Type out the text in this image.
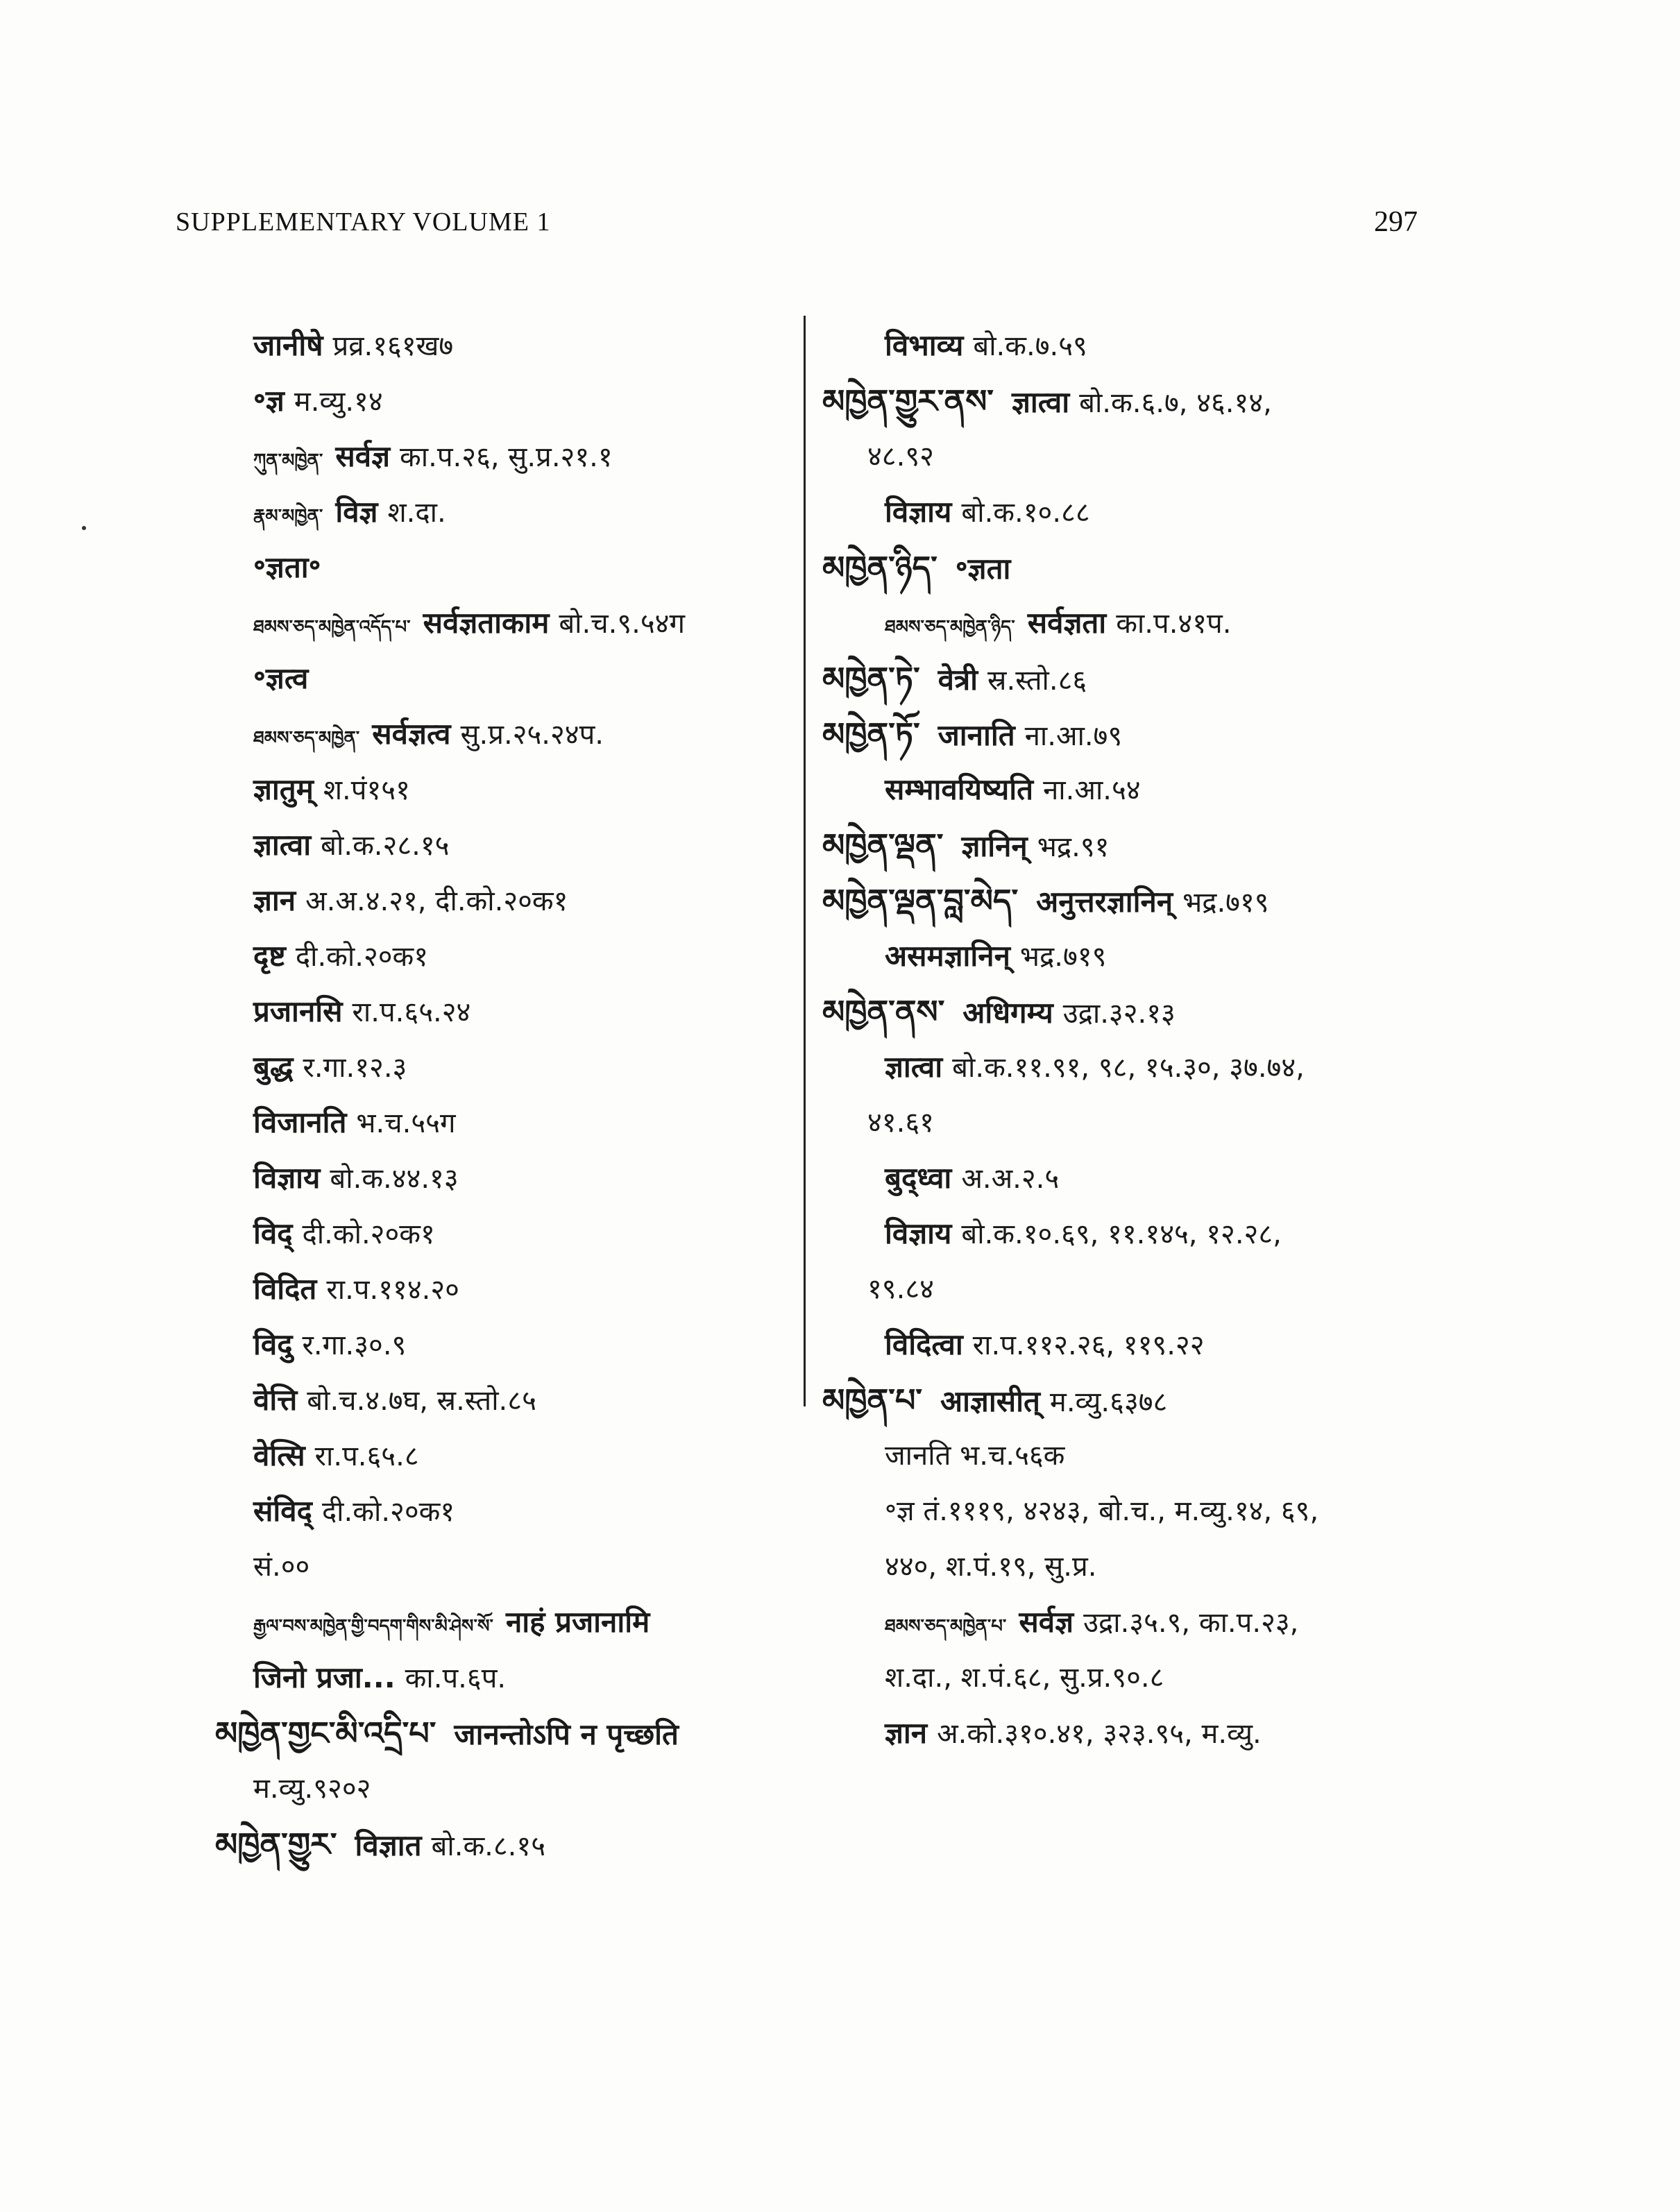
SUPPLEMENTARY VOLUME 1	297
जानीषे प्रव्र.१६१ख७
॰ज्ञ म.व्यु.१४
ཀུན་མཁྱེན་ सर्वज्ञ का.प.२६, सु.प्र.२१.१
རྣམ་མཁྱེན་ विज्ञ श.दा.
॰ज्ञता॰
ཐམས་ཅད་མཁྱེན་འདོད་པ་ सर्वज्ञताकाम बो.च.९.५४ग
॰ज्ञत्व
ཐམས་ཅད་མཁྱེན་ सर्वज्ञत्व सु.प्र.२५.२४प.
ज्ञातुम् श.पं१५१
ज्ञात्वा बो.क.२८.१५
ज्ञान अ.अ.४.२१, दी.को.२०क१
दृष्ट दी.को.२०क१
प्रजानसि रा.प.६५.२४
बुद्ध र.गा.१२.३
विजानति भ.च.५५ग
विज्ञाय बो.क.४४.१३
विद् दी.को.२०क१
विदित रा.प.११४.२०
विदु र.गा.३०.९
वेत्ति बो.च.४.७घ, स्र.स्तो.८५
वेत्सि रा.प.६५.८
संविद् दी.को.२०क१
सं.००
རྒྱལ་བས་མཁྱེན་གྱི་བདག་གིས་མི་ཤེས་སོ་ नाहं प्रजानामि
जिनो प्रजा... का.प.६प.
མཁྱེན་གྱང་མི་འདྲི་པ་ जानन्तोऽपि न पृच्छति
म.व्यु.९२०२
མཁྱེན་གྱུར་ विज्ञात बो.क.८.१५
विभाव्य बो.क.७.५९
མཁྱེན་གྱུར་ནས་ ज्ञात्वा बो.क.६.७, ४६.१४,
४८.९२
विज्ञाय बो.क.१०.८८
མཁྱེན་ཉིད་ ॰ज्ञता
ཐམས་ཅད་མཁྱེན་ཉིད་ सर्वज्ञता का.प.४१प.
མཁྱེན་ཏེ་ वेत्री स्र.स्तो.८६
མཁྱེན་ཏོ་ जानाति ना.आ.७९
सम्भावयिष्यति ना.आ.५४
མཁྱེན་ལྡན་ ज्ञानिन् भद्र.९१
མཁྱེན་ལྡན་བླ་མེད་ अनुत्तरज्ञानिन् भद्र.७१९
असमज्ञानिन् भद्र.७१९
མཁྱེན་ནས་ अधिगम्य उद्रा.३२.१३
ज्ञात्वा बो.क.११.९१, ९८, १५.३०, ३७.७४,
४१.६१
बुद्ध्वा अ.अ.२.५
विज्ञाय बो.क.१०.६९, ११.१४५, १२.२८,
१९.८४
विदित्वा रा.प.११२.२६, ११९.२२
མཁྱེན་པ་ आज्ञासीत् म.व्यु.६३७८
जानति भ.च.५६क
॰ज्ञ तं.१११९, ४२४३, बो.च., म.व्यु.१४, ६९,
४४०, श.पं.१९, सु.प्र.
ཐམས་ཅད་མཁྱེན་པ་ सर्वज्ञ उद्रा.३५.९, का.प.२३,
श.दा., श.पं.६८, सु.प्र.९०.८
ज्ञान अ.को.३१०.४१, ३२३.९५, म.व्यु.
